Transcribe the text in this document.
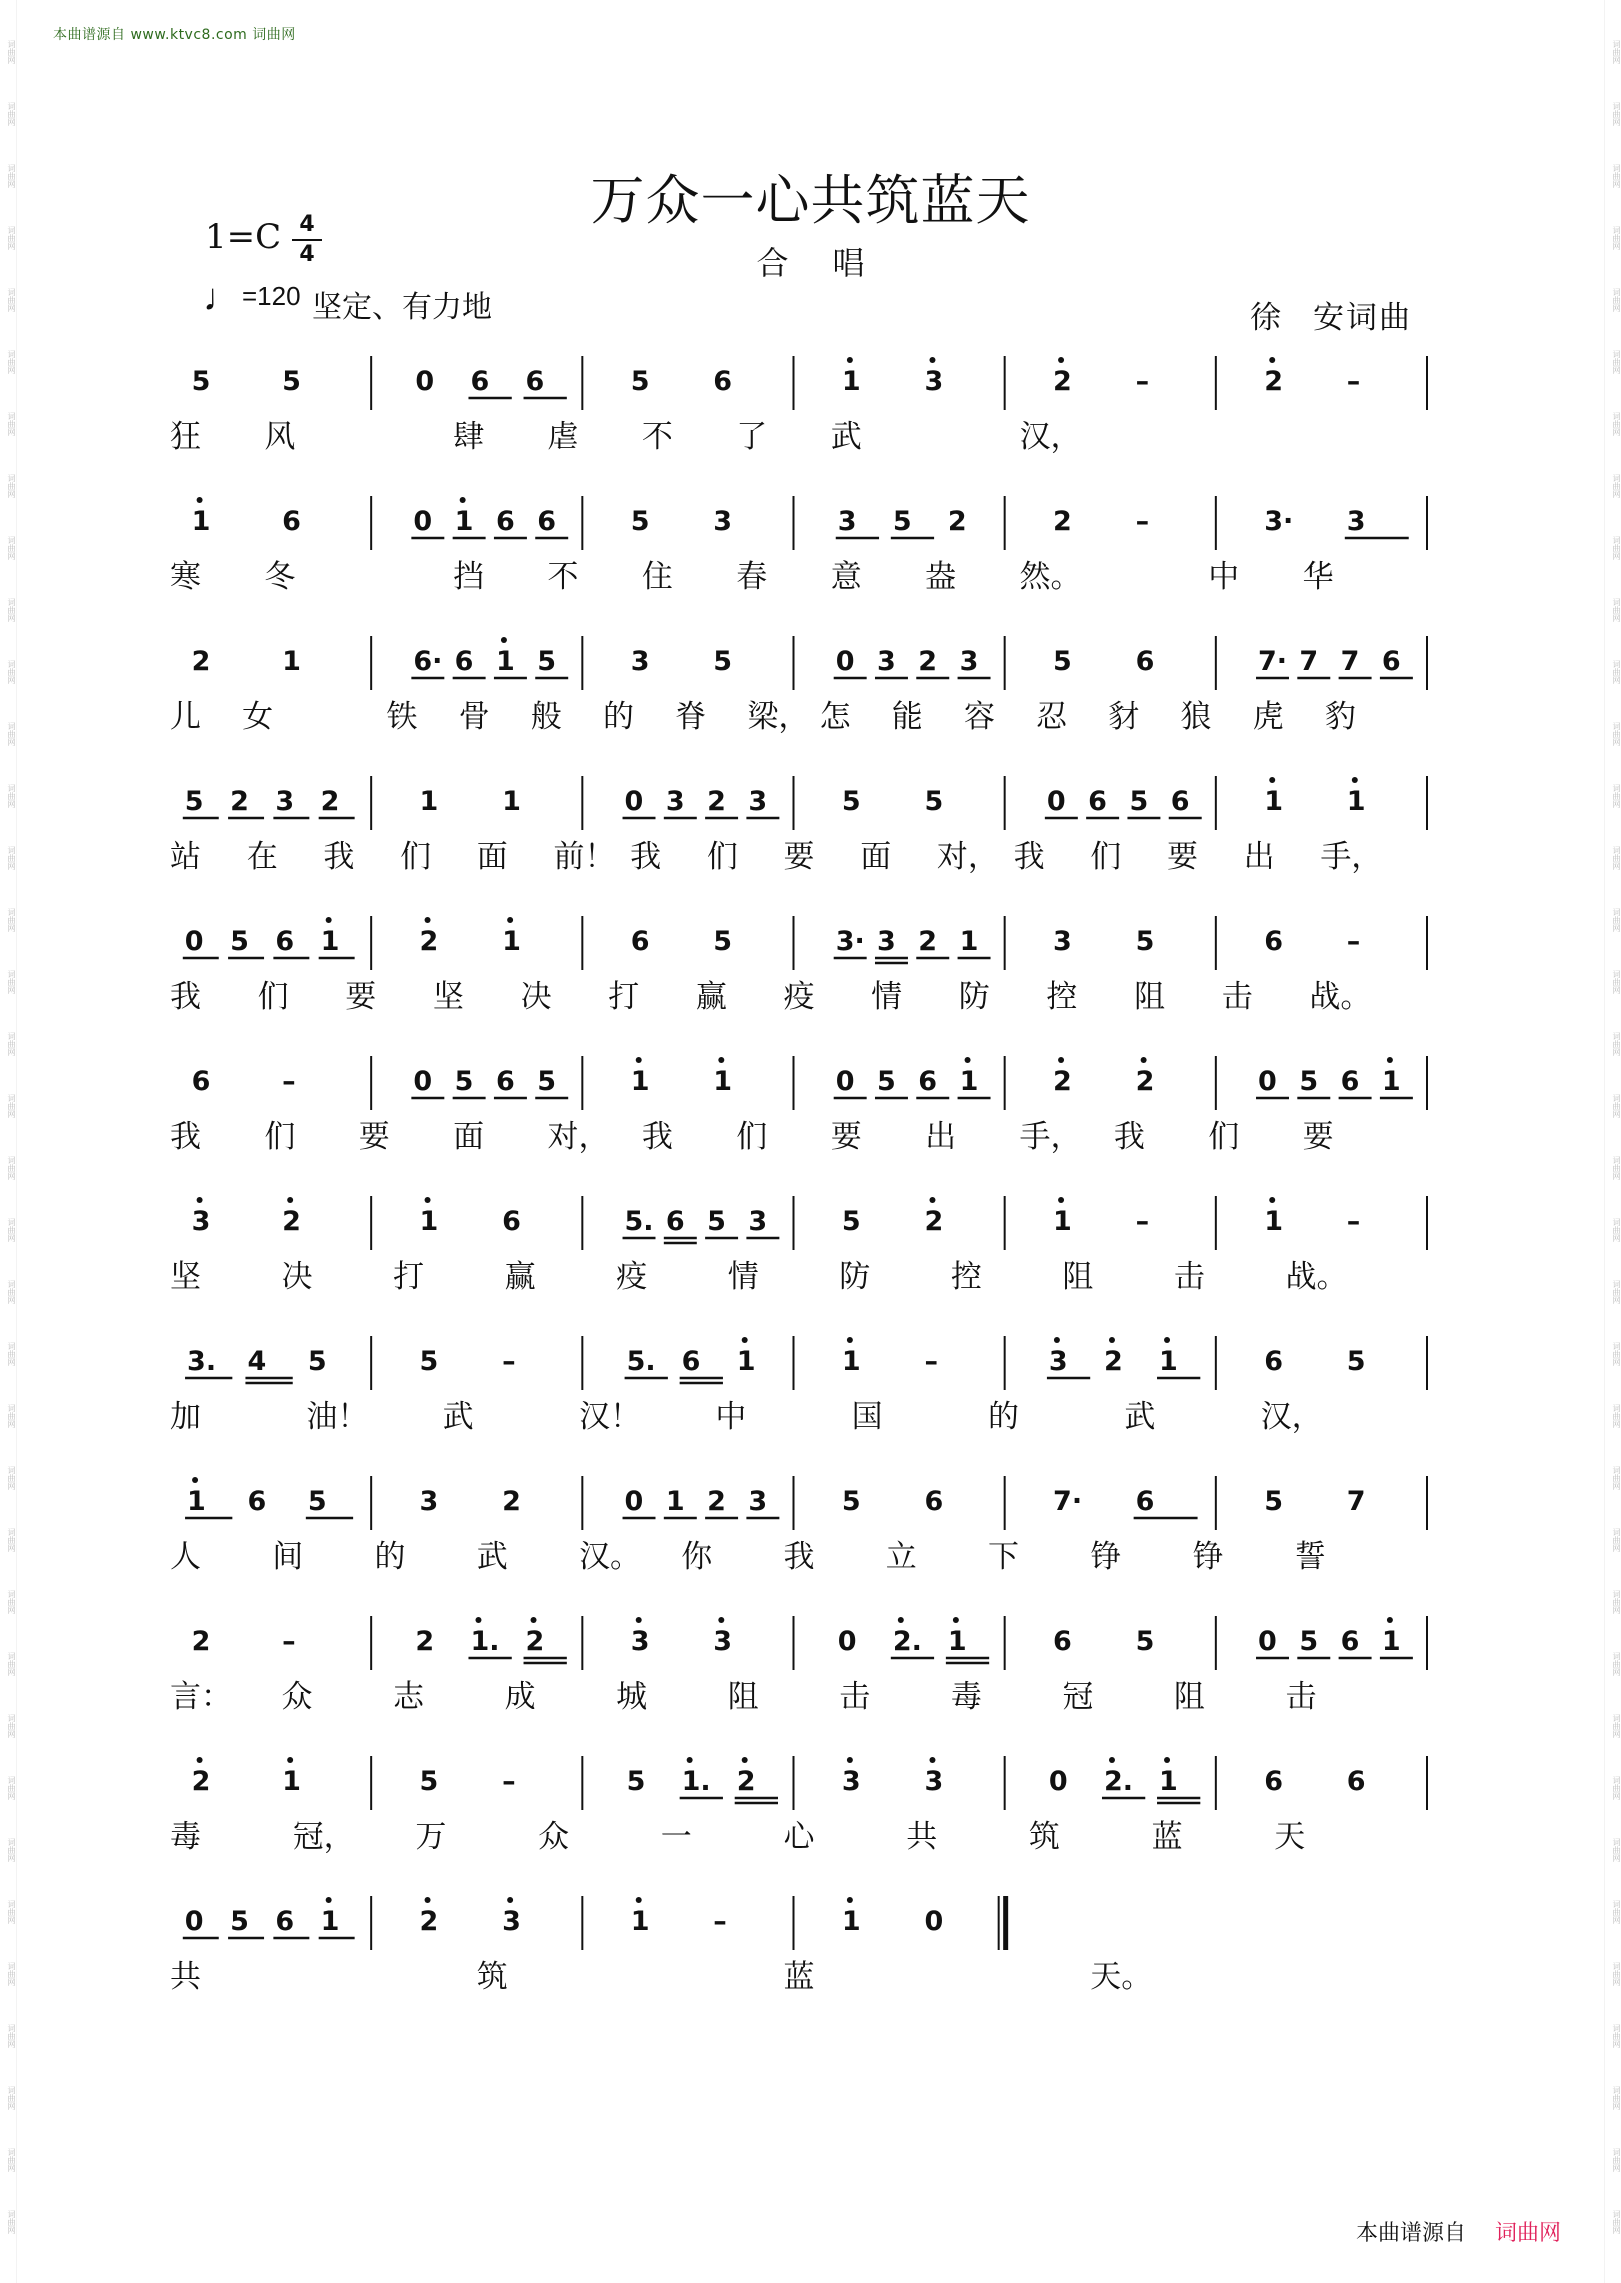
本曲谱源自 www.ktvc8.com 词曲网
词曲网
词曲网
词曲网
词曲网
词曲网
词曲网
词曲网
词曲网
词曲网
词曲网
词曲网
词曲网
词曲网
词曲网
词曲网
词曲网
词曲网
词曲网
词曲网
词曲网
词曲网
词曲网
词曲网
词曲网
词曲网
词曲网
词曲网
词曲网
词曲网
词曲网
词曲网
词曲网
词曲网
词曲网
词曲网
词曲网
词曲网
词曲网
词曲网
词曲网
词曲网
词曲网
词曲网
词曲网
词曲网
词曲网
词曲网
词曲网
词曲网
词曲网
词曲网
词曲网
词曲网
词曲网
词曲网
词曲网
词曲网
词曲网
词曲网
词曲网
词曲网
词曲网
词曲网
词曲网
词曲网
词曲网
词曲网
词曲网
词曲网
词曲网
词曲网
词曲网
万众一心共筑蓝天
合唱
1=C 4
4
♩=120 坚定、有力地	徐 安词曲
5	5	0 6 6	5 6	1 3	2 –	2 –
狂 风	肆 虐 不 了 武	汉，
1	6	0 1 6 6	5 3	3 5 2	2 –	3· 3
寒 冬	挡 不 住 春 意 盎 然。	中 华
2	1	6· 6 1 5	3 5	0 3 2 3	5 6	7· 7 7 6
儿 女	铁 骨 般 的 脊 梁， 怎 能 容 忍 豺 狼 虎 豹
5 2 3 2	1 1	0 3 2 3	5 5	0 6 5 6	1 1
站 在 我 们 面 前！ 我 们 要 面 对， 我 们 要 出 手，
0 5 6 1	2 1	6 5	3· 3 2 1	3 5	6 –
我 们 要 坚 决 打 赢 疫 情 防 控 阻 击 战。
6	–	0 5 6 5	1 1	0 5 6 1	2 2	0 5 6 1
我 们 要 面 对， 我 们 要 出 手， 我 们 要
3	2	1 6	5. 6 5 3	5 2	1 –	1 –
坚	决	打	赢	疫	情	防	控	阻	击	战。
3. 4 5	5 –	5. 6 1	1 –	3 2 1	6 5
加	油！ 武	汉！ 中	国	的	武	汉，
1 6 5	3 2	0 1 2 3	5 6	7· 6	5 7
人 间 的 武 汉。 你 我 立 下 铮 铮 誓
2	–	2 1. 2	3 3	0 2. 1	6 5	0 5 6 1
言： 众	志	成	城	阻	击	毒	冠	阻	击
2	1	5 –	5 1. 2	3 3	0 2. 1	6 6
毒	冠， 万	众	一	心	共	筑	蓝	天
0 5 6 1	2 3	1 –	1 0
共	筑	蓝	天。
本曲谱源自 词曲网
